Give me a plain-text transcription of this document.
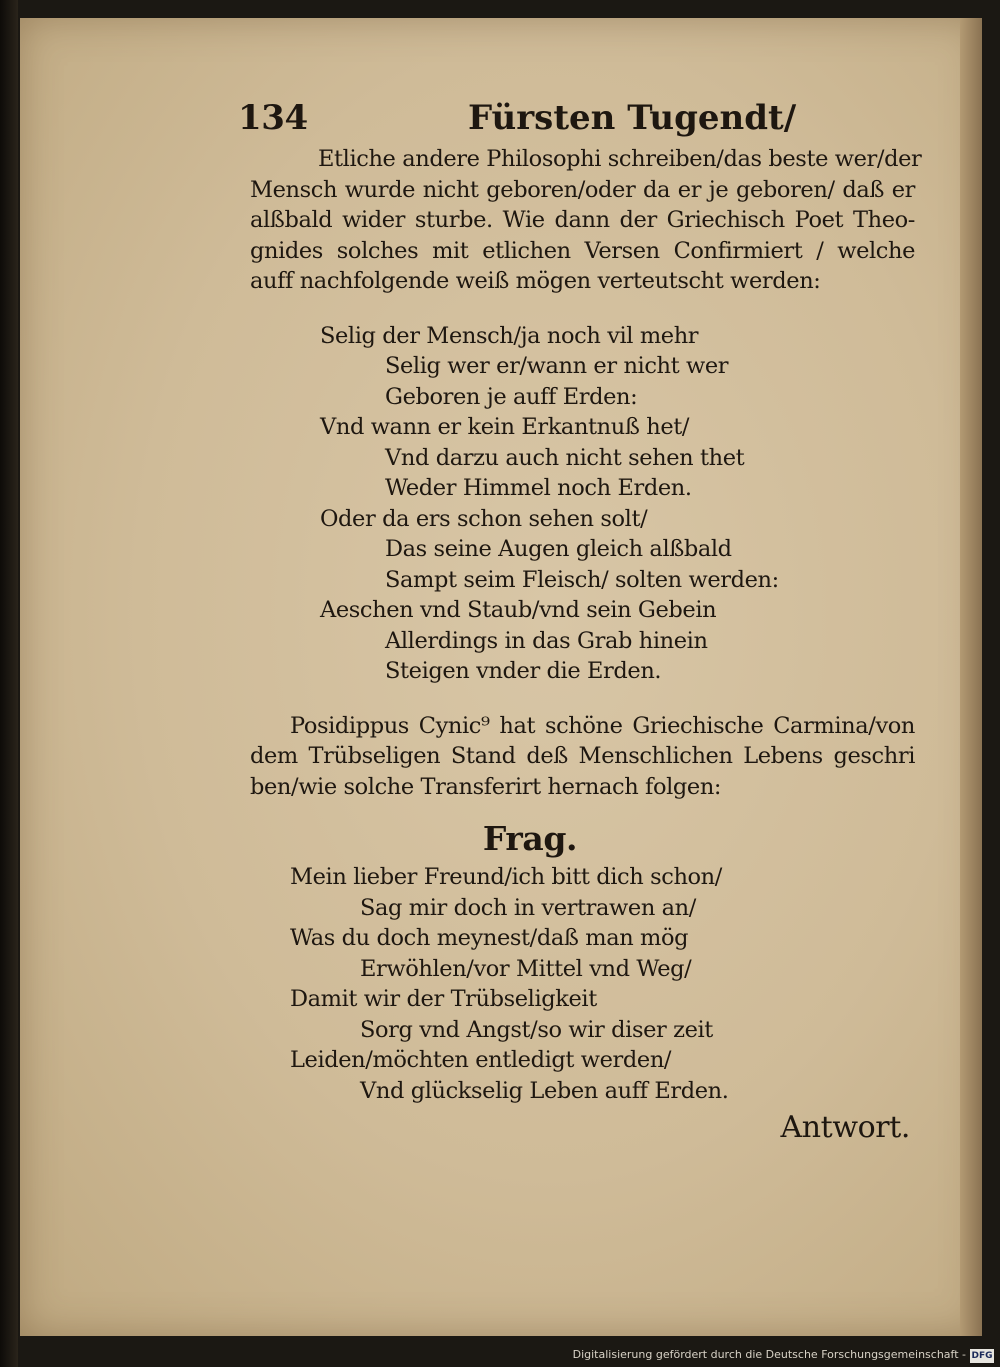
134	Fürsten Tugendt/
Etliche andere Philosophi schreiben/das beste wer/der
Mensch wurde nicht geboren/oder da er je geboren/ daß er
alßbald wider sturbe. Wie dann der Griechisch Poet Theo-
gnides solches mit etlichen Versen Confirmiert / welche
auff nachfolgende weiß mögen verteutscht werden:
Selig der Mensch/ja noch vil mehr
Selig wer er/wann er nicht wer
Geboren je auff Erden:
Vnd wann er kein Erkantnuß het/
Vnd darzu auch nicht sehen thet
Weder Himmel noch Erden.
Oder da ers schon sehen solt/
Das seine Augen gleich alßbald
Sampt seim Fleisch/ solten werden:
Aeschen vnd Staub/vnd sein Gebein
Allerdings in das Grab hinein
Steigen vnder die Erden.
Posidippus Cynic⁹ hat schöne Griechische Carmina/von
dem Trübseligen Stand deß Menschlichen Lebens geschri
ben/wie solche Transferirt hernach folgen:
Frag.
Mein lieber Freund/ich bitt dich schon/
Sag mir doch in vertrawen an/
Was du doch meynest/daß man mög
Erwöhlen/vor Mittel vnd Weg/
Damit wir der Trübseligkeit
Sorg vnd Angst/so wir diser zeit
Leiden/möchten entledigt werden/
Vnd glückselig Leben auff Erden.
Antwort.
Digitalisierung gefördert durch die Deutsche Forschungsgemeinschaft - DFG
